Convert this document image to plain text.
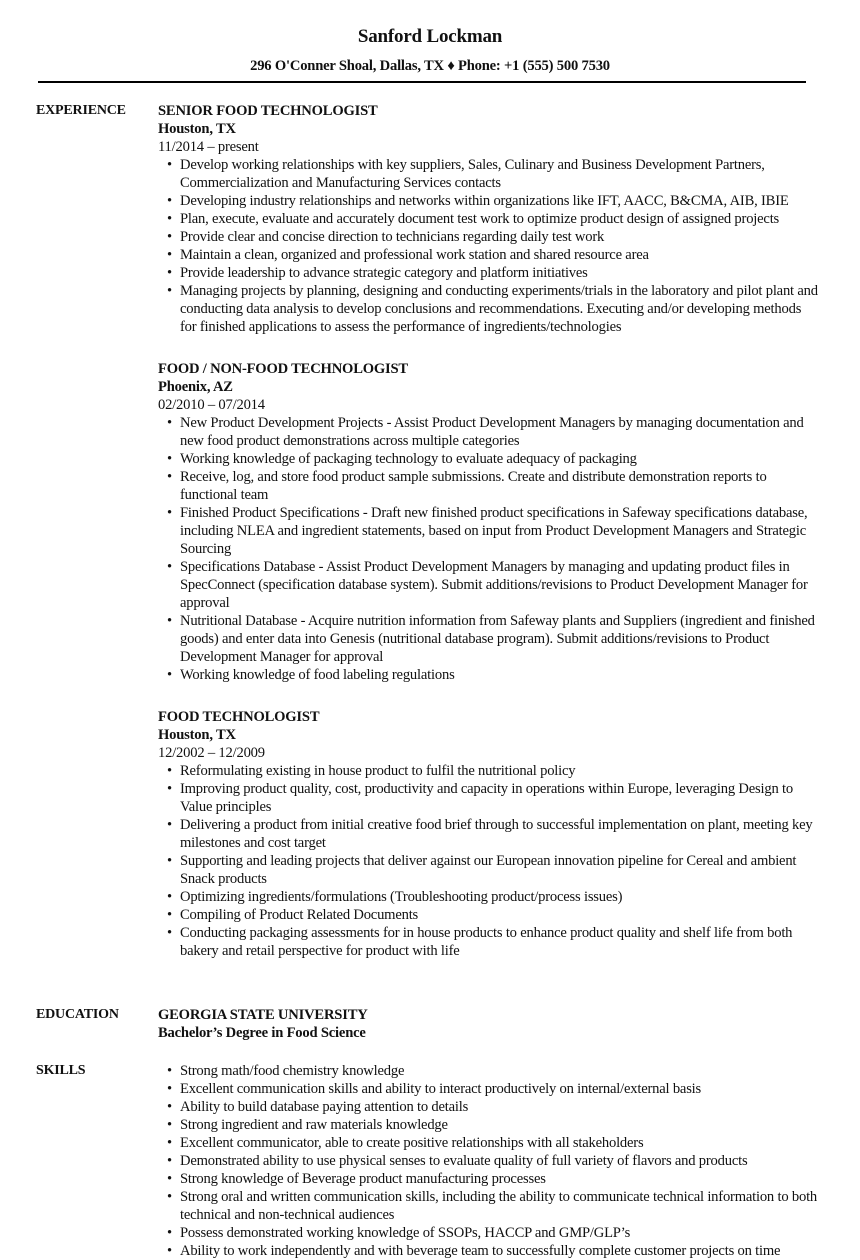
Sanford Lockman
296 O'Conner Shoal, Dallas, TX ♦ Phone: +1 (555) 500 7530
EXPERIENCE SENIOR FOOD TECHNOLOGIST
Houston, TX
11/2014 – present
• Develop working relationships with key suppliers, Sales, Culinary and Business Development Partners, Commercialization and Manufacturing Services contacts
• Developing industry relationships and networks within organizations like IFT, AACC, B&CMA, AIB, IBIE
• Plan, execute, evaluate and accurately document test work to optimize product design of assigned projects
• Provide clear and concise direction to technicians regarding daily test work
• Maintain a clean, organized and professional work station and shared resource area
• Provide leadership to advance strategic category and platform initiatives
• Managing projects by planning, designing and conducting experiments/trials in the laboratory and pilot plant and conducting data analysis to develop conclusions and recommendations. Executing and/or developing methods for finished applications to assess the performance of ingredients/technologies
FOOD / NON-FOOD TECHNOLOGIST
Phoenix, AZ
02/2010 – 07/2014
• New Product Development Projects - Assist Product Development Managers by managing documentation and new food product demonstrations across multiple categories
• Working knowledge of packaging technology to evaluate adequacy of packaging
• Receive, log, and store food product sample submissions. Create and distribute demonstration reports to functional team
• Finished Product Specifications - Draft new finished product specifications in Safeway specifications database, including NLEA and ingredient statements, based on input from Product Development Managers and Strategic Sourcing
• Specifications Database - Assist Product Development Managers by managing and updating product files in SpecConnect (specification database system). Submit additions/revisions to Product Development Manager for approval
• Nutritional Database - Acquire nutrition information from Safeway plants and Suppliers (ingredient and finished goods) and enter data into Genesis (nutritional database program). Submit additions/revisions to Product Development Manager for approval
• Working knowledge of food labeling regulations
FOOD TECHNOLOGIST
Houston, TX
12/2002 – 12/2009
• Reformulating existing in house product to fulfil the nutritional policy
• Improving product quality, cost, productivity and capacity in operations within Europe, leveraging Design to Value principles
• Delivering a product from initial creative food brief through to successful implementation on plant, meeting key milestones and cost target
• Supporting and leading projects that deliver against our European innovation pipeline for Cereal and ambient Snack products
• Optimizing ingredients/formulations (Troubleshooting product/process issues)
• Compiling of Product Related Documents
• Conducting packaging assessments for in house products to enhance product quality and shelf life from both bakery and retail perspective for product with life
EDUCATION	GEORGIA STATE UNIVERSITY
Bachelor’s Degree in Food Science
SKILLS	• Strong math/food chemistry knowledge
• Excellent communication skills and ability to interact productively on internal/external basis
• Ability to build database paying attention to details
• Strong ingredient and raw materials knowledge
• Excellent communicator, able to create positive relationships with all stakeholders
• Demonstrated ability to use physical senses to evaluate quality of full variety of flavors and products
• Strong knowledge of Beverage product manufacturing processes
• Strong oral and written communication skills, including the ability to communicate technical information to both technical and non-technical audiences
• Possess demonstrated working knowledge of SSOPs, HACCP and GMP/GLP’s
• Ability to work independently and with beverage team to successfully complete customer projects on time
